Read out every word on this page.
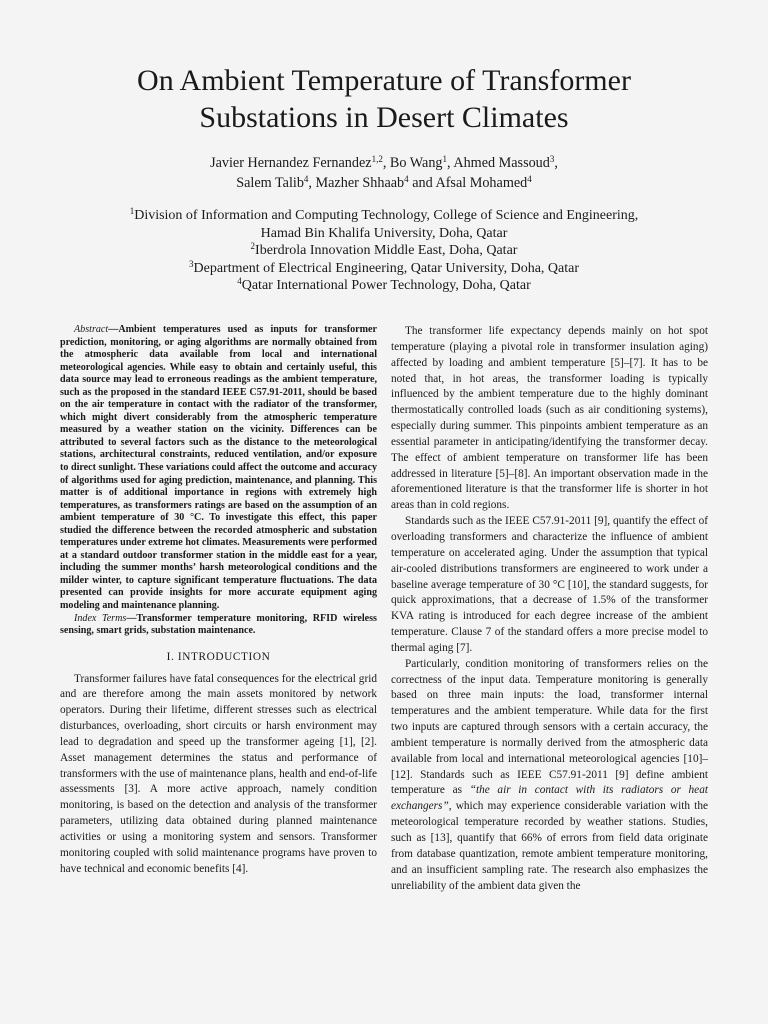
On Ambient Temperature of Transformer
Substations in Desert Climates
Javier Hernandez Fernandez$^{1,2}$, Bo Wang$^1$, Ahmed Massoud$^3$,
Salem Talib$^4$, Mazher Shhaab$^4$ and Afsal Mohamed$^4$
$^1$Division of Information and Computing Technology, College of Science and Engineering,
Hamad Bin Khalifa University, Doha, Qatar
$^2$Iberdrola Innovation Middle East, Doha, Qatar
$^3$Department of Electrical Engineering, Qatar University, Doha, Qatar
$^4$Qatar International Power Technology, Doha, Qatar

Abstract—Ambient temperatures used as inputs for transformer prediction, monitoring, or aging algorithms are normally obtained from the atmospheric data available from local and international meteorological agencies. While easy to obtain and certainly useful, this data source may lead to erroneous readings as the ambient temperature, such as the proposed in the standard IEEE C57.91-2011, should be based on the air temperature in contact with the radiator of the transformer, which might divert considerably from the atmospheric temperature measured by a weather station on the vicinity. Differences can be attributed to several factors such as the distance to the meteorological stations, architectural constraints, reduced ventilation, and/or exposure to direct sunlight. These variations could affect the outcome and accuracy of algorithms used for aging prediction, maintenance, and planning. This matter is of additional importance in regions with extremely high temperatures, as transformers ratings are based on the assumption of an ambient temperature of 30 °C. To investigate this effect, this paper studied the difference between the recorded atmospheric and substation temperatures under extreme hot climates. Measurements were performed at a standard outdoor transformer station in the middle east for a year, including the summer months’ harsh meteorological conditions and the milder winter, to capture significant temperature fluctuations. The data presented can provide insights for more accurate equipment aging modeling and maintenance planning.

Index Terms—Transformer temperature monitoring, RFID wireless sensing, smart grids, substation maintenance.

I. INTRODUCTION

Transformer failures have fatal consequences for the electrical grid and are therefore among the main assets monitored by network operators. During their lifetime, different stresses such as electrical disturbances, overloading, short circuits or harsh environment may lead to degradation and speed up the transformer ageing [1], [2]. Asset management determines the status and performance of transformers with the use of maintenance plans, health and end-of-life assessments [3]. A more active approach, namely condition monitoring, is based on the detection and analysis of the transformer parameters, utilizing data obtained during planned maintenance activities or using a monitoring system and sensors. Transformer monitoring coupled with solid maintenance programs have proven to have technical and economic benefits [4].

The transformer life expectancy depends mainly on hot spot temperature (playing a pivotal role in transformer insulation aging) affected by loading and ambient temperature [5]–[7]. It has to be noted that, in hot areas, the transformer loading is typically influenced by the ambient temperature due to the highly dominant thermostatically controlled loads (such as air conditioning systems), especially during summer. This pinpoints ambient temperature as an essential parameter in anticipating/identifying the transformer decay. The effect of ambient temperature on transformer life has been addressed in literature [5]–[8]. An important observation made in the aforementioned literature is that the transformer life is shorter in hot areas than in cold regions.

Standards such as the IEEE C57.91-2011 [9], quantify the effect of overloading transformers and characterize the influence of ambient temperature on accelerated aging. Under the assumption that typical air-cooled distributions transformers are engineered to work under a baseline average temperature of 30 °C [10], the standard suggests, for quick approximations, that a decrease of 1.5% of the transformer KVA rating is introduced for each degree increase of the ambient temperature. Clause 7 of the standard offers a more precise model to thermal aging [7].

Particularly, condition monitoring of transformers relies on the correctness of the input data. Temperature monitoring is generally based on three main inputs: the load, transformer internal temperatures and the ambient temperature. While data for the first two inputs are captured through sensors with a certain accuracy, the ambient temperature is normally derived from the atmospheric data available from local and international meteorological agencies [10]–[12]. Standards such as IEEE C57.91-2011 [9] define ambient temperature as “the air in contact with its radiators or heat exchangers”, which may experience considerable variation with the meteorological temperature recorded by weather stations. Studies, such as [13], quantify that 66% of errors from field data originate from database quantization, remote ambient temperature monitoring, and an insufficient sampling rate. The research also emphasizes the unreliability of the ambient data given the
